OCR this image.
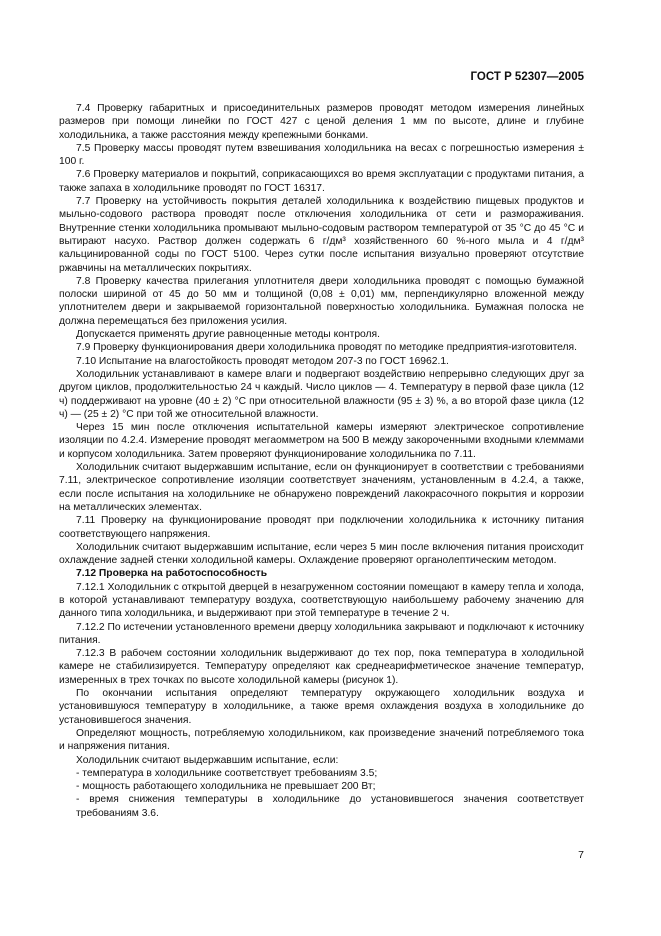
ГОСТ Р 52307—2005

7.4 Проверку габаритных и присоединительных размеров проводят методом измерения линейных размеров при помощи линейки по ГОСТ 427 с ценой деления 1 мм по высоте, длине и глубине холодильника, а также расстояния между крепежными бонками.

7.5 Проверку массы проводят путем взвешивания холодильника на весах с погрешностью измерения ± 100 г.

7.6 Проверку материалов и покрытий, соприкасающихся во время эксплуатации с продуктами питания, а также запаха в холодильнике проводят по ГОСТ 16317.

7.7 Проверку на устойчивость покрытия деталей холодильника к воздействию пищевых продуктов и мыльно-содового раствора проводят после отключения холодильника от сети и размораживания. Внутренние стенки холодильника промывают мыльно-содовым раствором температурой от 35 °С до 45 °С и вытирают насухо. Раствор должен содержать 6 г/дм³ хозяйственного 60 %-ного мыла и 4 г/дм³ кальцинированной соды по ГОСТ 5100. Через сутки после испытания визуально проверяют отсутствие ржавчины на металлических покрытиях.

7.8 Проверку качества прилегания уплотнителя двери холодильника проводят с помощью бумажной полоски шириной от 45 до 50 мм и толщиной (0,08 ± 0,01) мм, перпендикулярно вложенной между уплотнителем двери и закрываемой горизонтальной поверхностью холодильника. Бумажная полоска не должна перемещаться без приложения усилия.

Допускается применять другие равноценные методы контроля.

7.9 Проверку функционирования двери холодильника проводят по методике предприятия-изготовителя.

7.10 Испытание на влагостойкость проводят методом 207-3 по ГОСТ 16962.1.

Холодильник устанавливают в камере влаги и подвергают воздействию непрерывно следующих друг за другом циклов, продолжительностью 24 ч каждый. Число циклов — 4. Температуру в первой фазе цикла (12 ч) поддерживают на уровне (40 ± 2) °С при относительной влажности (95 ± 3) %, а во второй фазе цикла (12 ч) — (25 ± 2) °С при той же относительной влажности.

Через 15 мин после отключения испытательной камеры измеряют электрическое сопротивление изоляции по 4.2.4. Измерение проводят мегаомметром на 500 В между закороченными входными клеммами и корпусом холодильника. Затем проверяют функционирование холодильника по 7.11.

Холодильник считают выдержавшим испытание, если он функционирует в соответствии с требованиями 7.11, электрическое сопротивление изоляции соответствует значениям, установленным в 4.2.4, а также, если после испытания на холодильнике не обнаружено повреждений лакокрасочного покрытия и коррозии на металлических элементах.

7.11 Проверку на функционирование проводят при подключении холодильника к источнику питания соответствующего напряжения.

Холодильник считают выдержавшим испытание, если через 5 мин после включения питания происходит охлаждение задней стенки холодильной камеры. Охлаждение проверяют органолептическим методом.

7.12 Проверка на работоспособность

7.12.1 Холодильник с открытой дверцей в незагруженном состоянии помещают в камеру тепла и холода, в которой устанавливают температуру воздуха, соответствующую наибольшему рабочему значению для данного типа холодильника, и выдерживают при этой температуре в течение 2 ч.

7.12.2 По истечении установленного времени дверцу холодильника закрывают и подключают к источнику питания.

7.12.3 В рабочем состоянии холодильник выдерживают до тех пор, пока температура в холодильной камере не стабилизируется. Температуру определяют как среднеарифметическое значение температур, измеренных в трех точках по высоте холодильной камеры (рисунок 1).

По окончании испытания определяют температуру окружающего холодильник воздуха и установившуюся температуру в холодильнике, а также время охлаждения воздуха в холодильнике до установившегося значения.

Определяют мощность, потребляемую холодильником, как произведение значений потребляемого тока и напряжения питания.

Холодильник считают выдержавшим испытание, если:

- температура в холодильнике соответствует требованиям 3.5;

- мощность работающего холодильника не превышает 200 Вт;

- время снижения температуры в холодильнике до установившегося значения соответствует требованиям 3.6.

7
